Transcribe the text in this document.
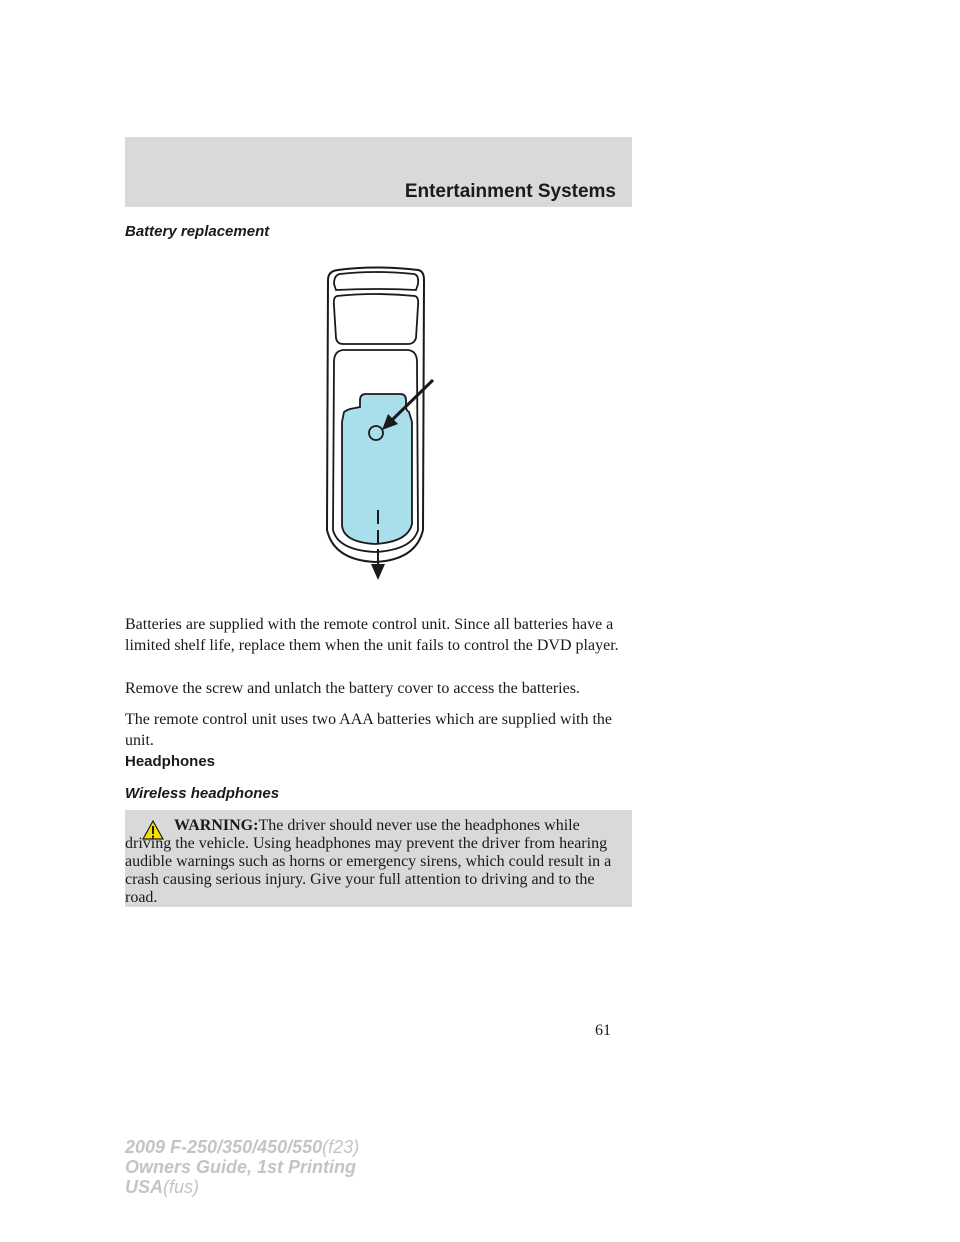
Entertainment Systems
Battery replacement

Batteries are supplied with the remote control unit. Since all batteries have a limited shelf life, replace them when the unit fails to control the DVD player.

Remove the screw and unlatch the battery cover to access the batteries.

The remote control unit uses two AAA batteries which are supplied with the unit.

Headphones
Wireless headphones

WARNING:The driver should never use the headphones while driving the vehicle. Using headphones may prevent the driver from hearing audible warnings such as horns or emergency sirens, which could result in a crash causing serious injury. Give your full attention to driving and to the road.

61
2009 F-250/350/450/550(f23)
Owners Guide, 1st Printing
USA(fus)
